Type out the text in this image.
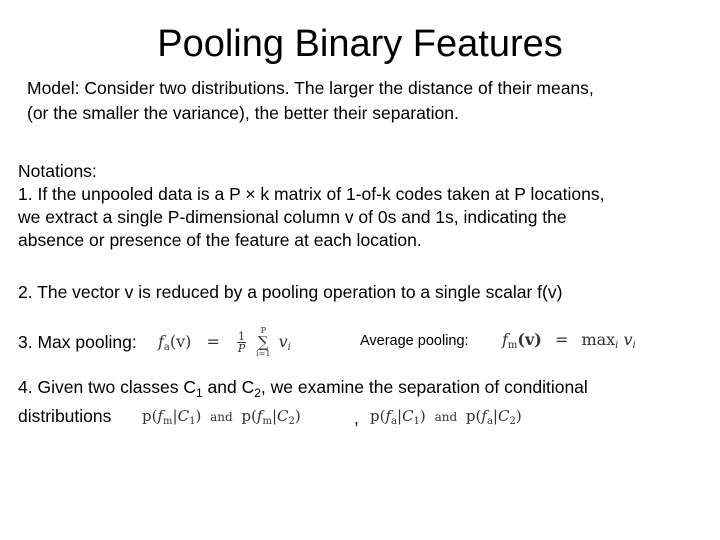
Pooling Binary Features
Model: Consider two distributions. The larger the distance of their means,
(or the smaller the variance), the better their separation.
Notations:
1. If the unpooled data is a P × k matrix of 1-of-k codes taken at P locations,
we extract a single P-dimensional column v of 0s and 1s, indicating the
absence or presence of the feature at each location.
2. The vector v is reduced by a pooling operation to a single scalar f(v)
3. Max pooling: $f_a(v) = \frac{1}{P}$
P
∑
i=1 $v_i$	Average pooling: $f_m(v) = \max_i v_i$
4. Given two classes $C_1$ and $C_2$, we examine the separation of conditional
distributions $p(f_m|C_1)$ and $p(f_m|C_2)$	, $p(f_a|C_1)$ and $p(f_a|C_2)$
